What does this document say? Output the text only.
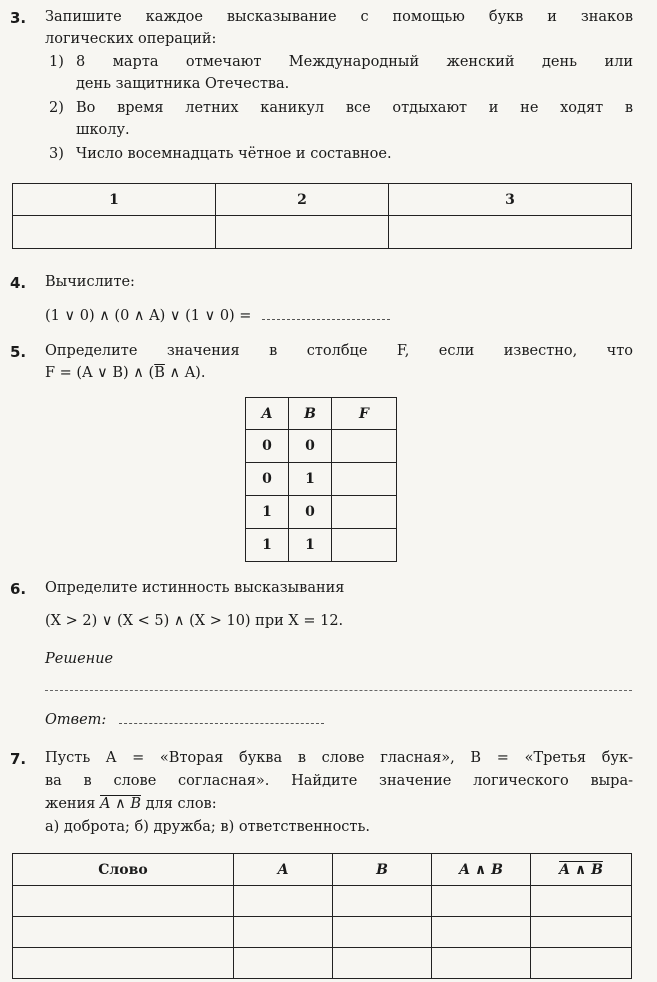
3. Запишите каждое высказывание с помощью букв и знаков
логических операций:
1) 8 марта отмечают Международный женский день или
день защитника Отечества.
2) Во время летних каникул все отдыхают и не ходят в
школу.
3) Число восемнадцать чётное и составное.
1	2	3

4. Вычислите:
(1 ∨ 0) ∧ (0 ∧ A) ∨ (1 ∨ 0) =
5. Определите значения в столбце F, если известно, что
F = (A ∨ B) ∧ ($\overline{B}$ ∧ A).
A	B	F
0	0	
0	1	
1	0	
1	1	
6. Определите истинность высказывания
(X > 2) ∨ (X < 5) ∧ (X > 10) при X = 12.
Решение
Ответ:
7. Пусть A = «Вторая буква в слове гласная», B = «Третья бук-
ва в слове согласная». Найдите значение логического выра-
жения A ∧ B для слов:
а) доброта; б) дружба; в) ответственность.
Слово	A	B	A ∧ B	A ∧ B
